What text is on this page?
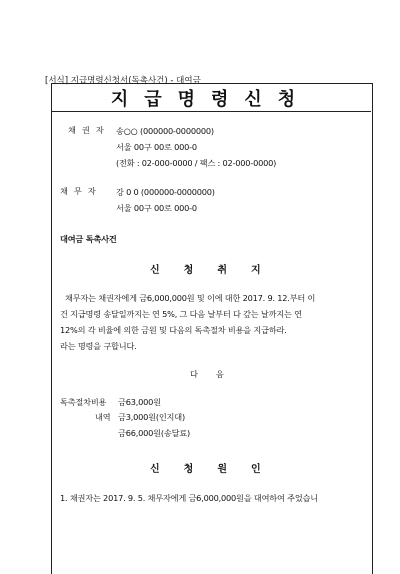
[서식] 지급명령신청서(독촉사건) - 대여금
지급명령신청
채권자 송○○ (000000-0000000)
서울 00구 00로 000-0
(전화 : 02-000-0000 / 팩스 : 02-000-0000)
채무자 강 0 0 (000000-0000000)
서울 00구 00로 000-0
대여금 독촉사건
신청취지
채무자는 채권자에게 금6,000,000원 및 이에 대한 2017. 9. 12.부터 이
건 지급명령 송달일까지는 연 5%, 그 다음 날부터 다 갚는 날까지는 연
12%의 각 비율에 의한 금원 및 다음의 독촉절차 비용을 지급하라.
라는 명령을 구합니다.
다음
독촉절차비용 금63,000원
내역 금3,000원(인지대)
금66,000원(송달료)
신청원인
1. 채권자는 2017. 9. 5. 채무자에게 금6,000,000원을 대여하여 주었습니
